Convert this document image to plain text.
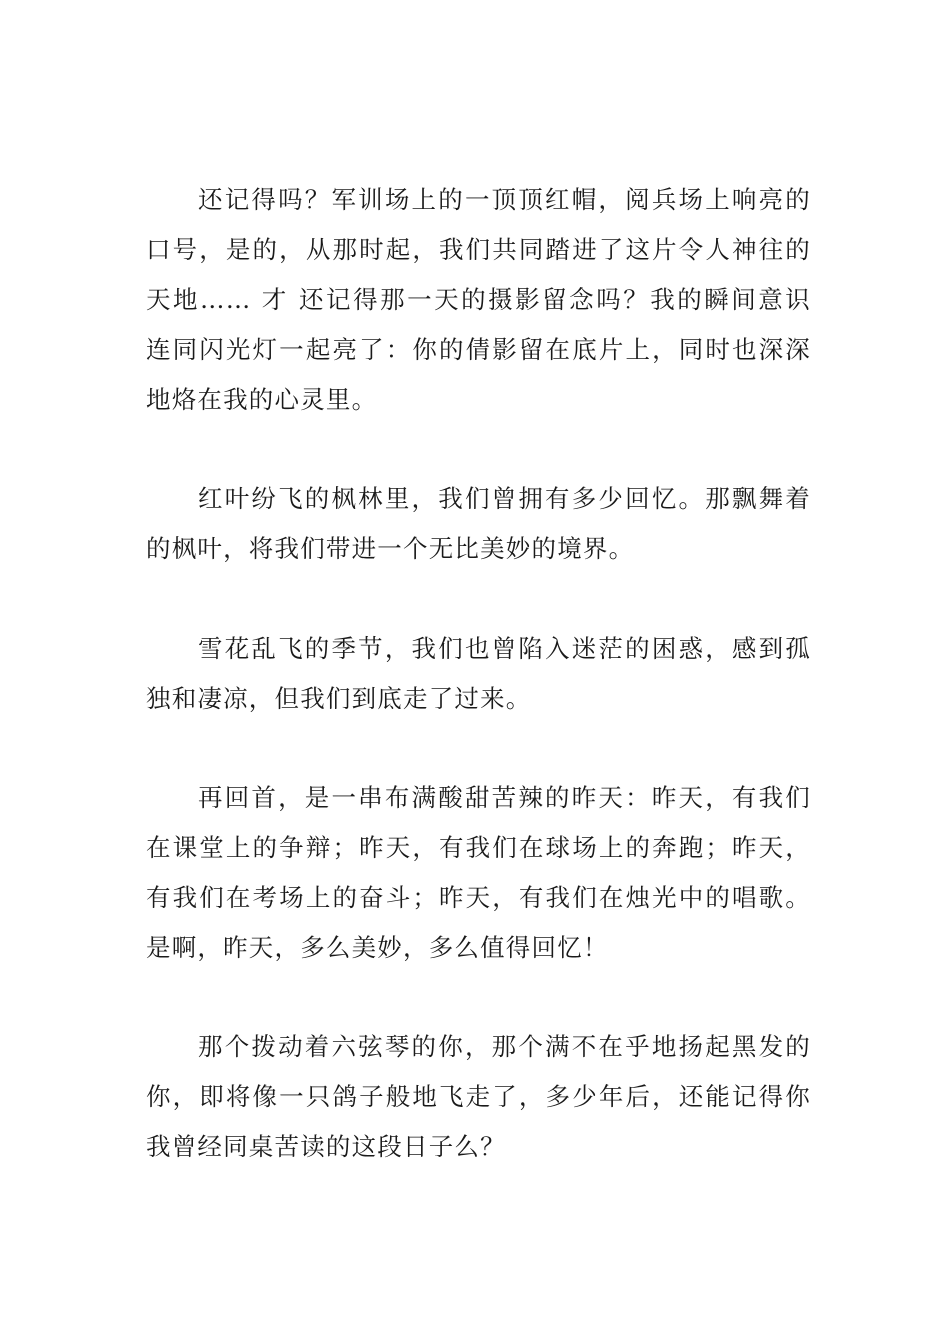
还记得吗？军训场上的一顶顶红帽，阅兵场上响亮的
口号，是的，从那时起，我们共同踏进了这片令人神往的
天地…… 才 还记得那一天的摄影留念吗？我的瞬间意识
连同闪光灯一起亮了：你的倩影留在底片上，同时也深深
地烙在我的心灵里。
红叶纷飞的枫林里，我们曾拥有多少回忆。那飘舞着
的枫叶，将我们带进一个无比美妙的境界。
雪花乱飞的季节，我们也曾陷入迷茫的困惑，感到孤
独和凄凉，但我们到底走了过来。
再回首，是一串布满酸甜苦辣的昨天：昨天，有我们
在课堂上的争辩；昨天，有我们在球场上的奔跑；昨天，
有我们在考场上的奋斗；昨天，有我们在烛光中的唱歌。
是啊，昨天，多么美妙，多么值得回忆！
那个拨动着六弦琴的你，那个满不在乎地扬起黑发的
你，即将像一只鸽子般地飞走了，多少年后，还能记得你
我曾经同桌苦读的这段日子么？
